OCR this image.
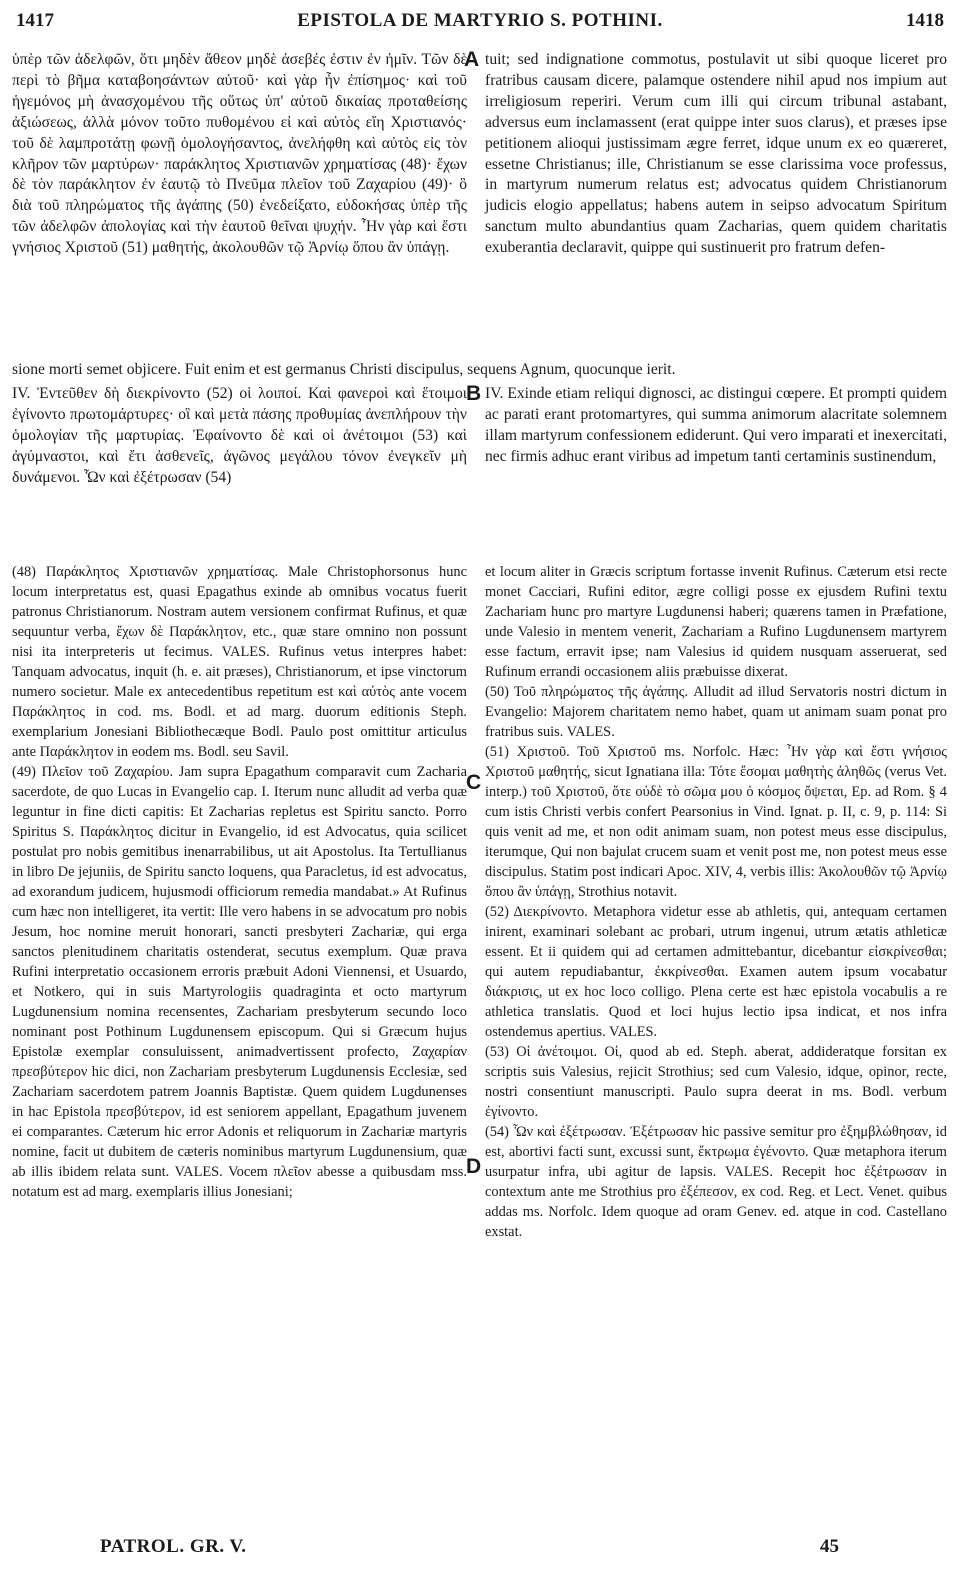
1417	EPISTOLA DE MARTYRIO S. POTHINI.	1418
A
B
C
D

ὑπὲρ τῶν ἀδελφῶν, ὅτι μηδὲν ἄθεον μηδὲ ἀσεβές ἐστιν ἐν ἡμῖν. Τῶν δὲ περὶ τὸ βῆμα καταβοησάντων αὐτοῦ· καὶ γὰρ ἦν ἐπίσημος· καὶ τοῦ ἡγεμόνος μὴ ἀνασχομένου τῆς οὕτως ὑπ' αὐτοῦ δικαίας προταθείσης ἀξιώσεως, ἀλλὰ μόνον τοῦτο πυθομένου εἰ καὶ αὐτὸς εἴη Χριστιανός· τοῦ δὲ λαμπροτάτῃ φωνῇ ὁμολογήσαντος, ἀνελήφθη καὶ αὐτὸς εἰς τὸν κλῆρον τῶν μαρτύρων· παράκλητος Χριστιανῶν χρηματίσας (48)· ἔχων δὲ τὸν παράκλητον ἐν ἑαυτῷ τὸ Πνεῦμα πλεῖον τοῦ Ζαχαρίου (49)· ὃ διὰ τοῦ πληρώματος τῆς ἀγάπης (50) ἐνεδείξατο, εὐδοκήσας ὑπὲρ τῆς τῶν ἀδελφῶν ἀπολογίας καὶ τὴν ἑαυτοῦ θεῖναι ψυχήν. Ἦν γὰρ καὶ ἔστι γνήσιος Χριστοῦ (51) μαθητής, ἀκολουθῶν τῷ Ἀρνίῳ ὅπου ἂν ὑπάγῃ.

tuit; sed indignatione commotus, postulavit ut sibi quoque liceret pro fratribus causam dicere, palamque ostendere nihil apud nos impium aut irreligiosum reperiri. Verum cum illi qui circum tribunal astabant, adversus eum inclamassent (erat quippe inter suos clarus), et præses ipse petitionem alioqui justissimam ægre ferret, idque unum ex eo quæreret, essetne Christianus; ille, Christianum se esse clarissima voce professus, in martyrum numerum relatus est; advocatus quidem Christianorum judicis elogio appellatus; habens autem in seipso advocatum Spiritum sanctum multo abundantius quam Zacharias, quem quidem charitatis exuberantia declaravit, quippe qui sustinuerit pro fratrum defen-

sione morti semet objicere. Fuit enim et est germanus Christi discipulus, sequens Agnum, quocunque ierit.

IV. Ἐντεῦθεν δὴ διεκρίνοντο (52) οἱ λοιποί. Καὶ φανεροὶ καὶ ἕτοιμοι ἐγίνοντο πρωτομάρτυρες· οἳ καὶ μετὰ πάσης προθυμίας ἀνεπλήρουν τὴν ὁμολογίαν τῆς μαρτυρίας. Ἐφαίνοντο δὲ καὶ οἱ ἀνέτοιμοι (53) καὶ ἀγύμναστοι, καὶ ἔτι ἀσθενεῖς, ἀγῶνος μεγάλου τόνον ἐνεγκεῖν μὴ δυνάμενοι. Ὧν καὶ ἐξέτρωσαν (54)

IV. Exinde etiam reliqui dignosci, ac distingui cœpere. Et prompti quidem ac parati erant protomartyres, qui summa animorum alacritate solemnem illam martyrum confessionem ediderunt. Qui vero imparati et inexercitati, nec firmis adhuc erant viribus ad impetum tanti certaminis sustinendum,

(48) Παράκλητος Χριστιανῶν χρηματίσας. Male Christophorsonus hunc locum interpretatus est, quasi Epagathus exinde ab omnibus vocatus fuerit patronus Christianorum. Nostram autem versionem confirmat Rufinus, et quæ sequuntur verba, ἔχων δὲ Παράκλητον, etc., quæ stare omnino non possunt nisi ita interpreteris ut fecimus. VALES. Rufinus vetus interpres habet: Tanquam advocatus, inquit (h. e. ait præses), Christianorum, et ipse vinctorum numero societur. Male ex antecedentibus repetitum est καὶ αὐτὸς ante vocem Παράκλητος in cod. ms. Bodl. et ad marg. duorum editionis Steph. exemplarium Jonesiani Bibliothecæque Bodl. Paulo post omittitur articulus ante Παράκλητον in eodem ms. Bodl. seu Savil.

(49) Πλεῖον τοῦ Ζαχαρίου. Jam supra Epagathum comparavit cum Zacharia sacerdote, de quo Lucas in Evangelio cap. I. Iterum nunc alludit ad verba quæ leguntur in fine dicti capitis: Et Zacharias repletus est Spiritu sancto. Porro Spiritus S. Παράκλητος dicitur in Evangelio, id est Advocatus, quia scilicet postulat pro nobis gemitibus inenarrabilibus, ut ait Apostolus. Ita Tertullianus in libro De jejuniis, de Spiritu sancto loquens, qua Paracletus, id est advocatus, ad exorandum judicem, hujusmodi officiorum remedia mandabat.» At Rufinus cum hæc non intelligeret, ita vertit: Ille vero habens in se advocatum pro nobis Jesum, hoc nomine meruit honorari, sancti presbyteri Zachariæ, qui erga sanctos plenitudinem charitatis ostenderat, secutus exemplum. Quæ prava Rufini interpretatio occasionem erroris præbuit Adoni Viennensi, et Usuardo, et Notkero, qui in suis Martyrologiis quadraginta et octo martyrum Lugdunensium nomina recensentes, Zachariam presbyterum secundo loco nominant post Pothinum Lugdunensem episcopum. Qui si Græcum hujus Epistolæ exemplar consuluissent, animadvertissent profecto, Ζαχαρίαν πρεσβύτερον hic dici, non Zachariam presbyterum Lugdunensis Ecclesiæ, sed Zachariam sacerdotem patrem Joannis Baptistæ. Quem quidem Lugdunenses in hac Epistola πρεσβύτερον, id est seniorem appellant, Epagathum juvenem ei comparantes. Cæterum hic error Adonis et reliquorum in Zachariæ martyris nomine, facit ut dubitem de cæteris nominibus martyrum Lugdunensium, quæ ab illis ibidem relata sunt. VALES. Vocem πλεῖον abesse a quibusdam mss. notatum est ad marg. exemplaris illius Jonesiani;

et locum aliter in Græcis scriptum fortasse invenit Rufinus. Cæterum etsi recte monet Cacciari, Rufini editor, ægre colligi posse ex ejusdem Rufini textu Zachariam hunc pro martyre Lugdunensi haberi; quærens tamen in Præfatione, unde Valesio in mentem venerit, Zachariam a Rufino Lugdunensem martyrem esse factum, erravit ipse; nam Valesius id quidem nusquam asseruerat, sed Rufinum errandi occasionem aliis præbuisse dixerat.

(50) Τοῦ πληρώματος τῆς ἀγάπης. Alludit ad illud Servatoris nostri dictum in Evangelio: Majorem charitatem nemo habet, quam ut animam suam ponat pro fratribus suis. VALES.

(51) Χριστοῦ. Τοῦ Χριστοῦ ms. Norfolc. Hæc: Ἦν γὰρ καὶ ἔστι γνήσιος Χριστοῦ μαθητής, sicut Ignatiana illa: Τότε ἔσομαι μαθητὴς ἀληθῶς (verus Vet. interp.) τοῦ Χριστοῦ, ὅτε οὐδὲ τὸ σῶμα μου ὁ κόσμος ὄψεται, Ep. ad Rom. § 4 cum istis Christi verbis confert Pearsonius in Vind. Ignat. p. II, c. 9, p. 114: Si quis venit ad me, et non odit animam suam, non potest meus esse discipulus, iterumque, Qui non bajulat crucem suam et venit post me, non potest meus esse discipulus. Statim post indicari Apoc. XIV, 4, verbis illis: Ἀκολουθῶν τῷ Ἀρνίῳ ὅπου ἂν ὑπάγῃ, Strothius notavit.

(52) Διεκρίνοντο. Metaphora videtur esse ab athletis, qui, antequam certamen inirent, examinari solebant ac probari, utrum ingenui, utrum ætatis athleticæ essent. Et ii quidem qui ad certamen admittebantur, dicebantur εἰσκρίνεσθαι; qui autem repudiabantur, ἐκκρίνεσθαι. Examen autem ipsum vocabatur διάκρισις, ut ex hoc loco colligo. Plena certe est hæc epistola vocabulis a re athletica translatis. Quod et loci hujus lectio ipsa indicat, et nos infra ostendemus apertius. VALES.

(53) Οἱ ἀνέτοιμοι. Οἱ, quod ab ed. Steph. aberat, addideratque forsitan ex scriptis suis Valesius, rejicit Strothius; sed cum Valesio, idque, opinor, recte, nostri consentiunt manuscripti. Paulo supra deerat in ms. Bodl. verbum ἐγίνοντο.

(54) Ὧν καὶ ἐξέτρωσαν. Ἐξέτρωσαν hic passive semitur pro ἐξημβλώθησαν, id est, abortivi facti sunt, excussi sunt, ἔκτρωμα ἐγένοντο. Quæ metaphora iterum usurpatur infra, ubi agitur de lapsis. VALES. Recepit hoc ἐξέτρωσαν in contextum ante me Strothius pro ἐξέπεσον, ex cod. Reg. et Lect. Venet. quibus addas ms. Norfolc. Idem quoque ad oram Genev. ed. atque in cod. Castellano exstat.

PATROL. GR. V.	45
